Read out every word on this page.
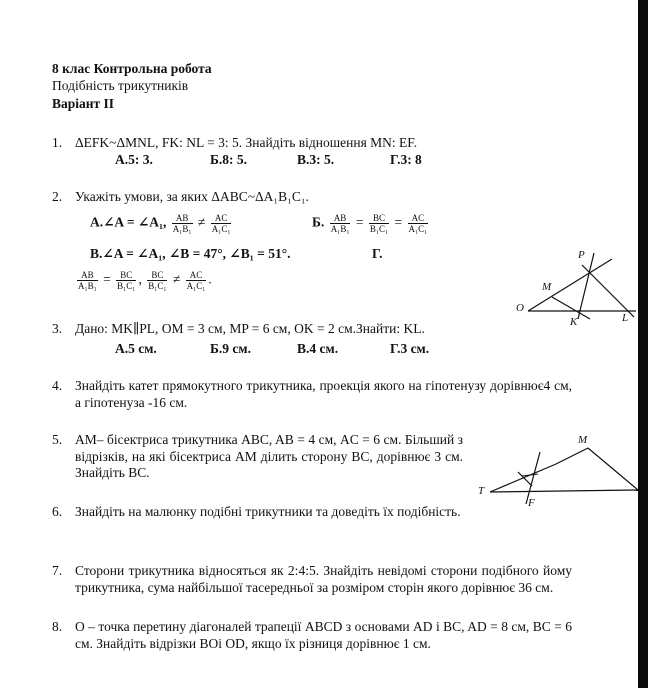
8 клас Контрольна робота
Подібність трикутників
Варіант ІІ
1. ΔEFK~ΔMNL, FK: NL = 3: 5. Знайдіть відношення MN: EF.
А.5: 3.	Б.8: 5.	В.3: 5.	Г.3: 8
2. Укажіть умови, за яких ΔABC~ΔA₁B₁C₁.
А.∠A = ∠A₁, $\frac{AB}{\text{A₁B₁}} \ne \frac{AC}{\text{A₁C₁}}$	Б. $\frac{AB}{\text{A₁B₁}} = \frac{BC}{\text{B₁C₁}} = \frac{AC}{\text{A₁C₁}}$
В.∠A = ∠A₁, ∠B = 47°, ∠B₁ = 51°.	Г.
$\frac{AB}{\text{A₁B₁}} = \frac{BC}{\text{B₁C₁}}$ , $\frac{BC}{\text{B₁C₁}} \ne \frac{AC}{\text{A₁C₁}}$ .
P
M
O
K	L
3. Дано: MK∥PL, OM = 3 см, MP = 6 см, OK = 2 см.Знайти: KL.
А.5 см.	Б.9 см.	В.4 см.	Г.3 см.
4. Знайдіть катет прямокутного трикутника, проекція якого на гіпотенузу дорівнює4 см, а гіпотенуза -16 см.
5. AM– бісектриса трикутника ABC, AB = 4 см, AC = 6 см. Більший з відрізків, на які бісектриса AM ділить сторону BC, дорівнює 3 см. Знайдіть BC.
M
T
F
6. Знайдіть на малюнку подібні трикутники та доведіть їх подібність.
7. Сторони трикутника відносяться як 2:4:5. Знайдіть невідомі сторони подібного йому трикутника, сума найбільшої тасередньої за розміром сторін якого дорівнює 36 см.
8. O – точка перетину діагоналей трапеції ABCD з основами AD і BC, AD = 8 см, BC = 6 см. Знайдіть відрізки BOі OD, якщо їх різниця дорівнює 1 см.
